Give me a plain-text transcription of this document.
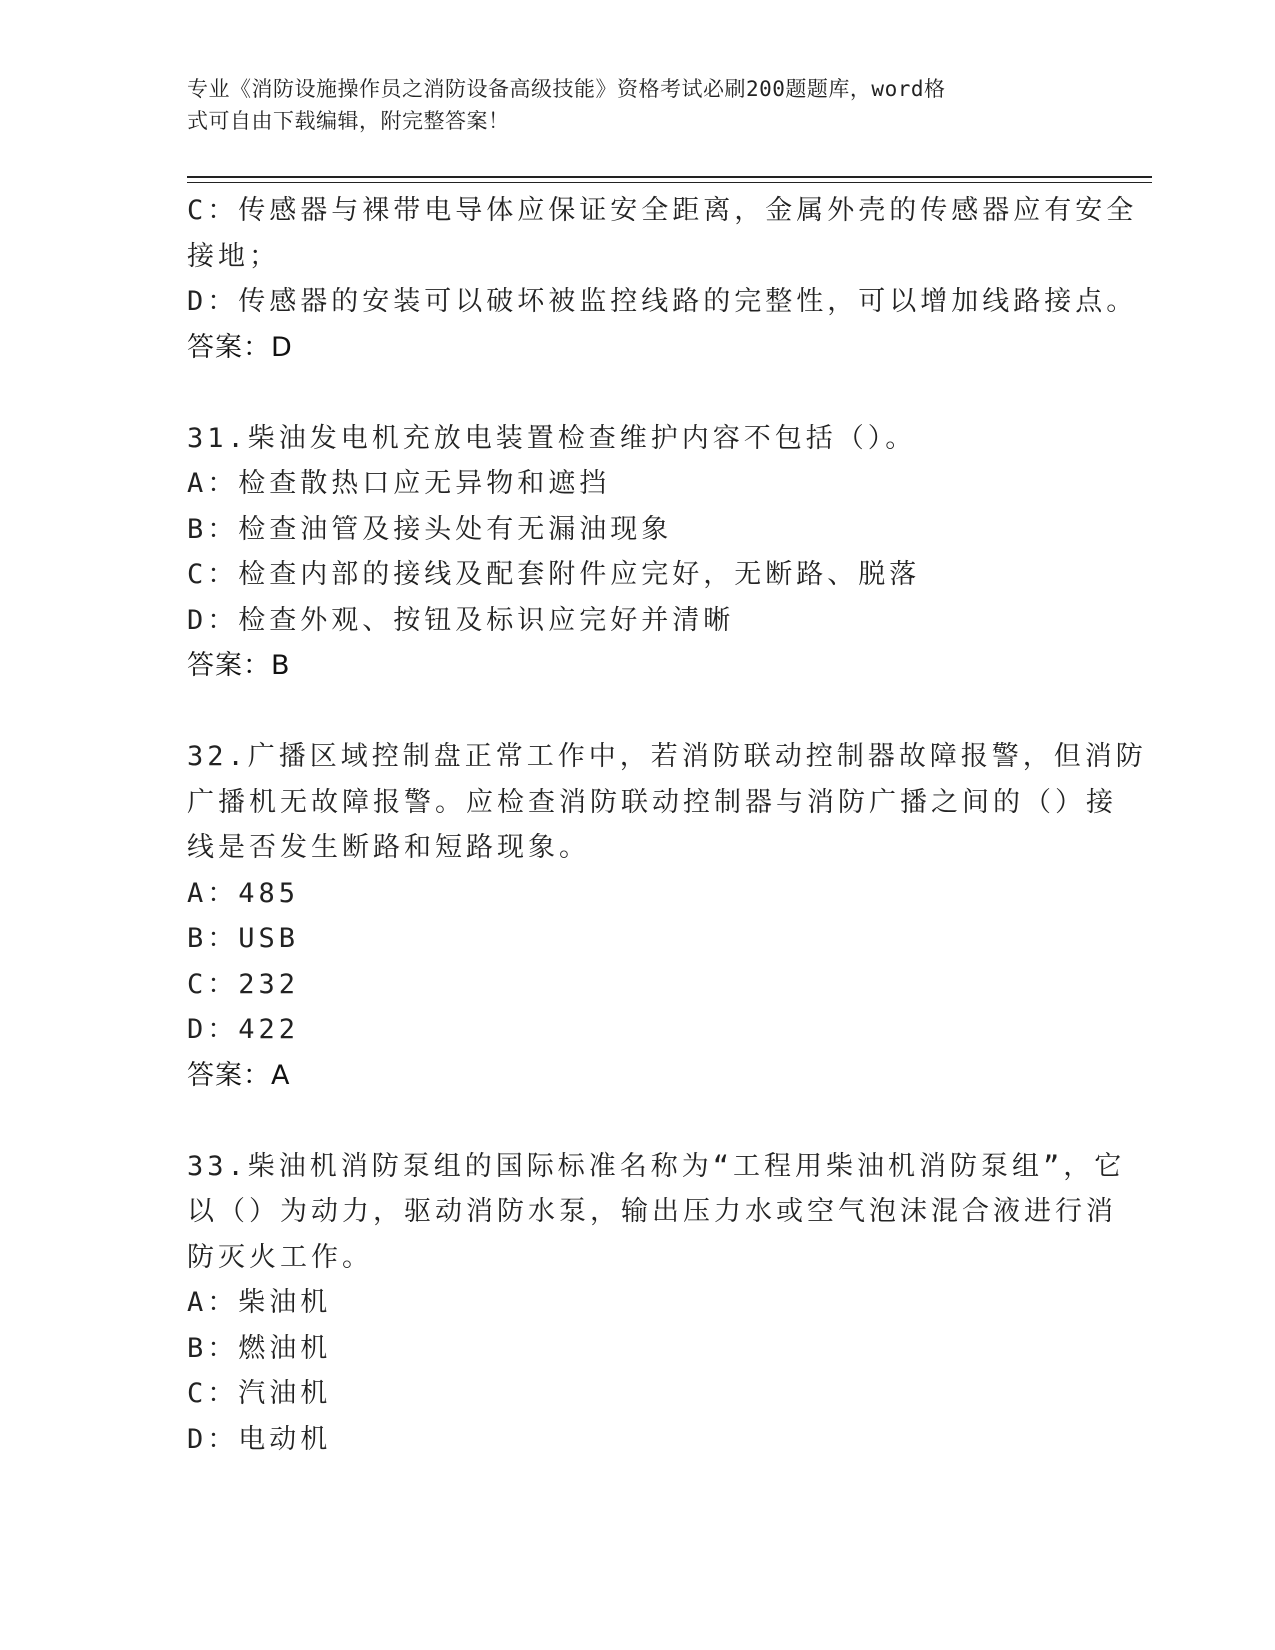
专业《消防设施操作员之消防设备高级技能》资格考试必刷200题题库，word格
式可自由下载编辑，附完整答案！
C：传感器与裸带电导体应保证安全距离，金属外壳的传感器应有安全
接地；
D：传感器的安装可以破坏被监控线路的完整性，可以增加线路接点。
答案：D
31.柴油发电机充放电装置检查维护内容不包括（）。
A：检查散热口应无异物和遮挡
B：检查油管及接头处有无漏油现象
C：检查内部的接线及配套附件应完好，无断路、脱落
D：检查外观、按钮及标识应完好并清晰
答案：B
32.广播区域控制盘正常工作中，若消防联动控制器故障报警，但消防
广播机无故障报警。应检查消防联动控制器与消防广播之间的（）接
线是否发生断路和短路现象。
A：485
B：USB
C：232
D：422
答案：A
33.柴油机消防泵组的国际标准名称为“工程用柴油机消防泵组”，它
以（）为动力，驱动消防水泵，输出压力水或空气泡沫混合液进行消
防灭火工作。
A：柴油机
B：燃油机
C：汽油机
D：电动机
